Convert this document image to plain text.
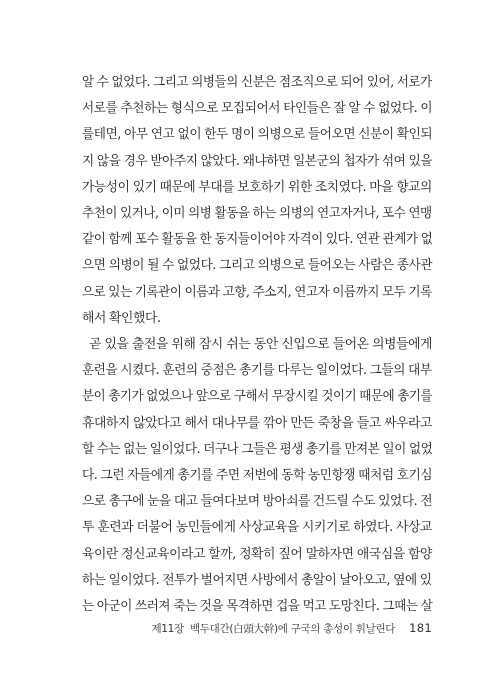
알 수 없었다. 그리고 의병들의 신분은 점조직으로 되어 있어, 서로가
서로를 추천하는 형식으로 모집되어서 타인들은 잘 알 수 없었다. 이
를테면, 아무 연고 없이 한두 명이 의병으로 들어오면 신분이 확인되
지 않을 경우 받아주지 않았다. 왜냐하면 일본군의 첩자가 섞여 있을
가능성이 있기 때문에 부대를 보호하기 위한 조치였다. 마을 향교의
추천이 있거나, 이미 의병 활동을 하는 의병의 연고자거나, 포수 연맹
같이 함께 포수 활동을 한 동지들이어야 자격이 있다. 연관 관계가 없
으면 의병이 될 수 없었다. 그리고 의병으로 들어오는 사람은 종사관
으로 있는 기록관이 이름과 고향, 주소지, 연고자 이름까지 모두 기록
해서 확인했다.
곧 있을 출전을 위해 잠시 쉬는 동안 신입으로 들어온 의병들에게
훈련을 시켰다. 훈련의 중점은 총기를 다루는 일이었다. 그들의 대부
분이 총기가 없었으나 앞으로 구해서 무장시킬 것이기 때문에 총기를
휴대하지 않았다고 해서 대나무를 깎아 만든 죽창을 들고 싸우라고
할 수는 없는 일이었다. 더구나 그들은 평생 총기를 만져본 일이 없었
다. 그런 자들에게 총기를 주면 저번에 동학 농민항쟁 때처럼 호기심
으로 총구에 눈을 대고 들여다보며 방아쇠를 건드릴 수도 있었다. 전
투 훈련과 더불어 농민들에게 사상교육을 시키기로 하였다. 사상교
육이란 정신교육이라고 할까, 정확히 짚어 말하자면 애국심을 함양
하는 일이었다. 전투가 벌어지면 사방에서 총알이 날아오고, 옆에 있
는 아군이 쓰러져 죽는 것을 목격하면 겁을 먹고 도망친다. 그때는 살
제11장  백두대간(白頭大幹)에 구국의 총성이 휘날린다 181
